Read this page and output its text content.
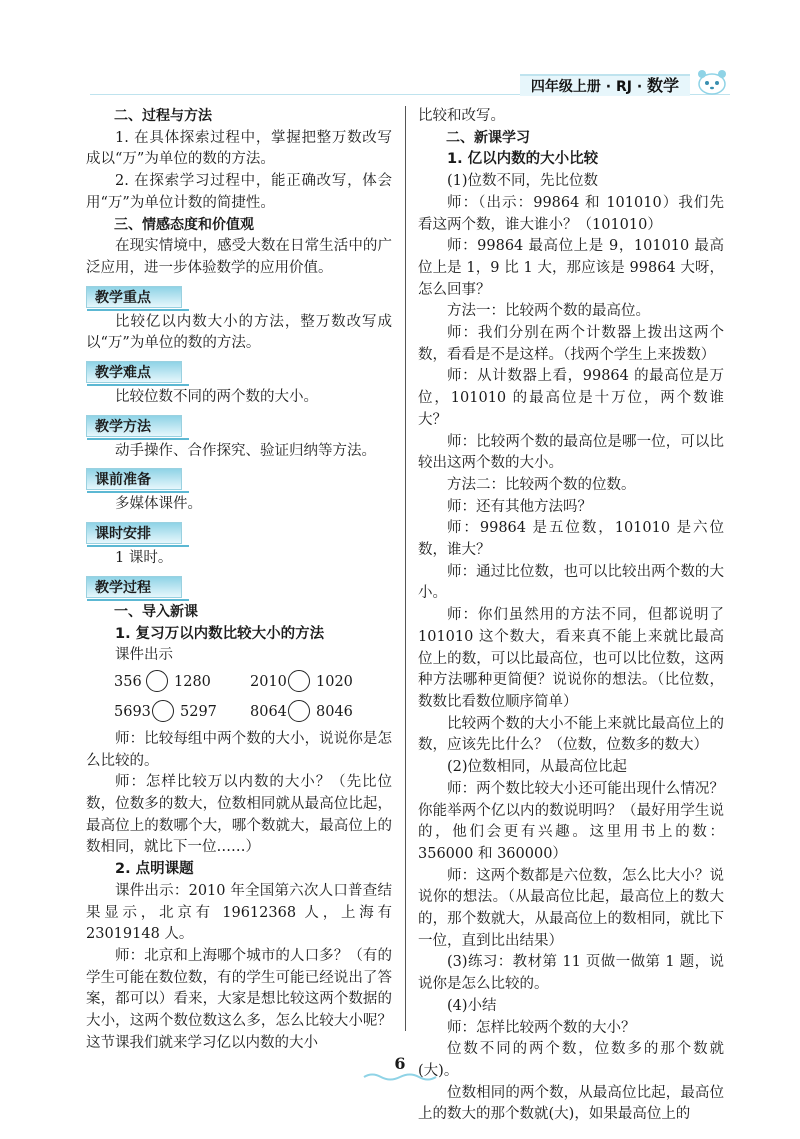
四年级上册 · RJ · 数学
二、过程与方法

1. 在具体探索过程中，掌握把整万数改写成以“万”为单位的数的方法。

2. 在探索学习过程中，能正确改写，体会用“万”为单位计数的简捷性。

三、情感态度和价值观

在现实情境中，感受大数在日常生活中的广泛应用，进一步体验数学的应用价值。

教学重点

比较亿以内数大小的方法，整万数改写成以“万”为单位的数的方法。

教学难点

比较位数不同的两个数的大小。

教学方法

动手操作、合作探究、验证归纳等方法。

课前准备

多媒体课件。

课时安排

1 课时。

教学过程
一、导入新课

1. 复习万以内数比较大小的方法

课件出示

356 1280	2010 1020
5693 5297 8064 8046

师：比较每组中两个数的大小，说说你是怎么比较的。

师：怎样比较万以内数的大小？（先比位数，位数多的数大，位数相同就从最高位比起，最高位上的数哪个大，哪个数就大，最高位上的数相同，就比下一位……）

2. 点明课题

课件出示：2010 年全国第六次人口普查结果显示，北京有 19612368 人，上海有 23019148 人。

师：北京和上海哪个城市的人口多？（有的学生可能在数位数，有的学生可能已经说出了答案，都可以）看来，大家是想比较这两个数据的大小，这两个数位数这么多，怎么比较大小呢？这节课我们就来学习亿以内数的大小

比较和改写。

二、新课学习

1. 亿以内数的大小比较

(1)位数不同，先比位数

师：（出示：99864 和 101010）我们先看这两个数，谁大谁小？（101010）

师：99864 最高位上是 9，101010 最高位上是 1，9 比 1 大，那应该是 99864 大呀，怎么回事？

方法一：比较两个数的最高位。

师：我们分别在两个计数器上拨出这两个数，看看是不是这样。（找两个学生上来拨数）

师：从计数器上看，99864 的最高位是万位，101010 的最高位是十万位，两个数谁大？

师：比较两个数的最高位是哪一位，可以比较出这两个数的大小。

方法二：比较两个数的位数。

师：还有其他方法吗？

师：99864 是五位数，101010 是六位数，谁大？

师：通过比位数，也可以比较出两个数的大小。

师：你们虽然用的方法不同，但都说明了 101010 这个数大，看来真不能上来就比最高位上的数，可以比最高位，也可以比位数，这两种方法哪种更简便？说说你的想法。（比位数，数数比看数位顺序简单）

比较两个数的大小不能上来就比最高位上的数，应该先比什么？（位数，位数多的数大）

(2)位数相同，从最高位比起

师：两个数比较大小还可能出现什么情况？你能举两个亿以内的数说明吗？（最好用学生说的，他们会更有兴趣。这里用书上的数：356000 和 360000）

师：这两个数都是六位数，怎么比大小？说说你的想法。（从最高位比起，最高位上的数大的，那个数就大，从最高位上的数相同，就比下一位，直到比出结果）

(3)练习：教材第 11 页做一做第 1 题，说说你是怎么比较的。

(4)小结

师：怎样比较两个数的大小？

位数不同的两个数，位数多的那个数就(大)。

位数相同的两个数，从最高位比起，最高位上的数大的那个数就(大)，如果最高位上的

6
